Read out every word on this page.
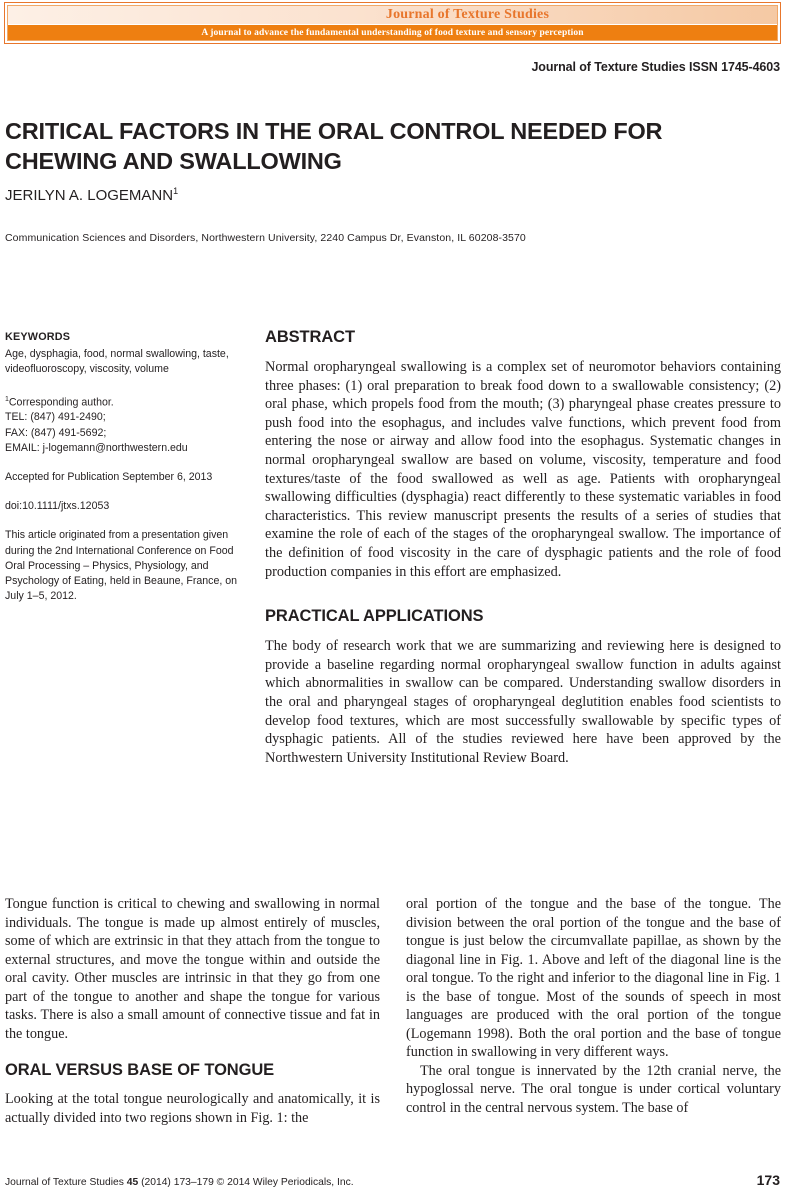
Journal of Texture Studies
A journal to advance the fundamental understanding of food texture and sensory perception
Journal of Texture Studies ISSN 1745-4603
CRITICAL FACTORS IN THE ORAL CONTROL NEEDED FOR CHEWING AND SWALLOWING
JERILYN A. LOGEMANN$^1$
Communication Sciences and Disorders, Northwestern University, 2240 Campus Dr, Evanston, IL 60208-3570
KEYWORDS
Age, dysphagia, food, normal swallowing, taste, videofluoroscopy, viscosity, volume
$^1$Corresponding author.
TEL: (847) 491-2490;
FAX: (847) 491-5692;
EMAIL: j-logemann@northwestern.edu
Accepted for Publication September 6, 2013
doi:10.1111/jtxs.12053
This article originated from a presentation given during the 2nd International Conference on Food Oral Processing – Physics, Physiology, and Psychology of Eating, held in Beaune, France, on July 1–5, 2012.
ABSTRACT

Normal oropharyngeal swallowing is a complex set of neuromotor behaviors containing three phases: (1) oral preparation to break food down to a swallowable consistency; (2) oral phase, which propels food from the mouth; (3) pharyngeal phase creates pressure to push food into the esophagus, and includes valve functions, which prevent food from entering the nose or airway and allow food into the esophagus. Systematic changes in normal oropharyngeal swallow are based on volume, viscosity, temperature and food textures/taste of the food swallowed as well as age. Patients with oropharyngeal swallowing difficulties (dysphagia) react differently to these systematic variables in food characteristics. This review manuscript presents the results of a series of studies that examine the role of each of the stages of the oropharyngeal swallow. The importance of the definition of food viscosity in the care of dysphagic patients and the role of food production companies in this effort are emphasized.

PRACTICAL APPLICATIONS

The body of research work that we are summarizing and reviewing here is designed to provide a baseline regarding normal oropharyngeal swallow function in adults against which abnormalities in swallow can be compared. Understanding swallow disorders in the oral and pharyngeal stages of oropharyngeal deglutition enables food scientists to develop food textures, which are most successfully swallowable by specific types of dysphagic patients. All of the studies reviewed here have been approved by the Northwestern University Institutional Review Board.

Tongue function is critical to chewing and swallowing in normal individuals. The tongue is made up almost entirely of muscles, some of which are extrinsic in that they attach from the tongue to external structures, and move the tongue within and outside the oral cavity. Other muscles are intrinsic in that they go from one part of the tongue to another and shape the tongue for various tasks. There is also a small amount of connective tissue and fat in the tongue.

ORAL VERSUS BASE OF TONGUE

Looking at the total tongue neurologically and anatomically, it is actually divided into two regions shown in Fig. 1: the

oral portion of the tongue and the base of the tongue. The division between the oral portion of the tongue and the base of tongue is just below the circumvallate papillae, as shown by the diagonal line in Fig. 1. Above and left of the diagonal line is the oral tongue. To the right and inferior to the diagonal line in Fig. 1 is the base of tongue. Most of the sounds of speech in most languages are produced with the oral portion of the tongue (Logemann 1998). Both the oral portion and the base of tongue function in swallowing in very different ways.

The oral tongue is innervated by the 12th cranial nerve, the hypoglossal nerve. The oral tongue is under cortical voluntary control in the central nervous system. The base of

Journal of Texture Studies 45 (2014) 173–179 © 2014 Wiley Periodicals, Inc.	173
